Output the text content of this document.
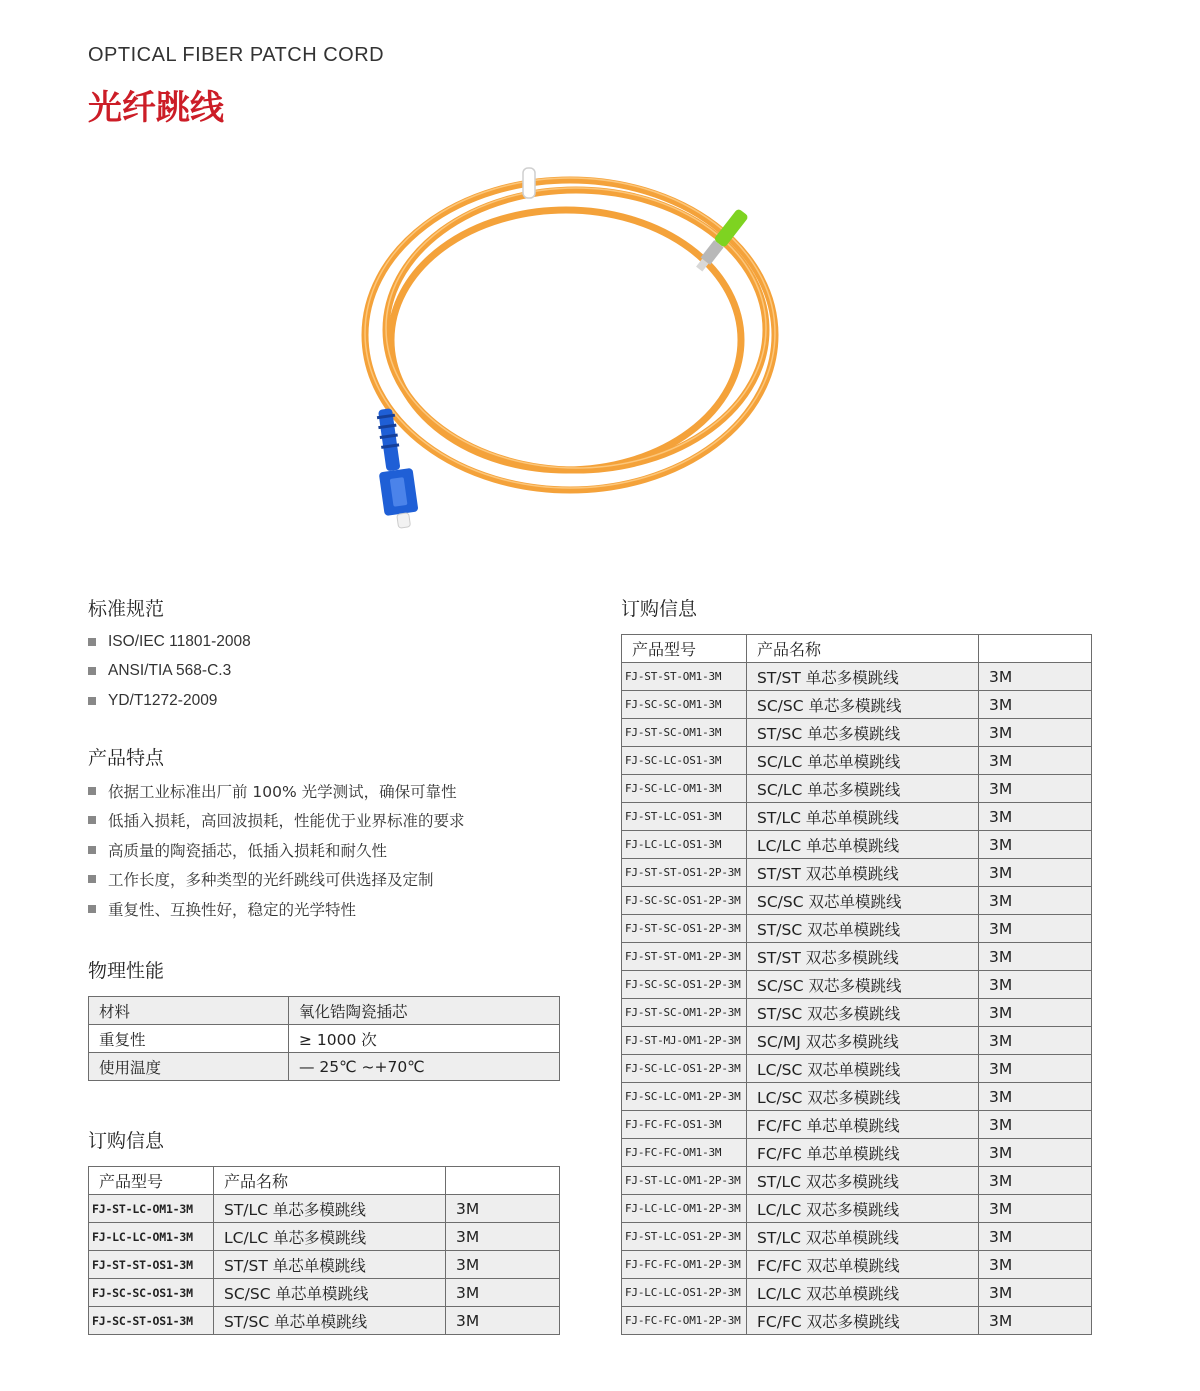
OPTICAL FIBER PATCH CORD
光纤跳线
标准规范
ISO/IEC 11801-2008
ANSI/TIA 568-C.3
YD/T1272-2009
产品特点
依据工业标准出厂前 100% 光学测试，确保可靠性
低插入损耗，高回波损耗，性能优于业界标准的要求
高质量的陶瓷插芯，低插入损耗和耐久性
工作长度，多种类型的光纤跳线可供选择及定制
重复性、互换性好，稳定的光学特性
物理性能
材料	氧化锆陶瓷插芯
重复性	≥ 1000 次
使用温度	— 25℃ ~+70℃
订购信息
产品型号	产品名称	
FJ-ST-LC-OM1-3M	ST/LC 单芯多模跳线	3M
FJ-LC-LC-OM1-3M	LC/LC 单芯多模跳线	3M
FJ-ST-ST-OS1-3M	ST/ST 单芯单模跳线	3M
FJ-SC-SC-OS1-3M	SC/SC 单芯单模跳线	3M
FJ-SC-ST-OS1-3M	ST/SC 单芯单模跳线	3M
订购信息
产品型号	产品名称	
FJ-ST-ST-OM1-3M	ST/ST 单芯多模跳线	3M
FJ-SC-SC-OM1-3M	SC/SC 单芯多模跳线	3M
FJ-ST-SC-OM1-3M	ST/SC 单芯多模跳线	3M
FJ-SC-LC-OS1-3M	SC/LC 单芯单模跳线	3M
FJ-SC-LC-OM1-3M	SC/LC 单芯多模跳线	3M
FJ-ST-LC-OS1-3M	ST/LC 单芯单模跳线	3M
FJ-LC-LC-OS1-3M	LC/LC 单芯单模跳线	3M
FJ-ST-ST-OS1-2P-3M	ST/ST 双芯单模跳线	3M
FJ-SC-SC-OS1-2P-3M	SC/SC 双芯单模跳线	3M
FJ-ST-SC-OS1-2P-3M	ST/SC 双芯单模跳线	3M
FJ-ST-ST-OM1-2P-3M	ST/ST 双芯多模跳线	3M
FJ-SC-SC-OS1-2P-3M	SC/SC 双芯多模跳线	3M
FJ-ST-SC-OM1-2P-3M	ST/SC 双芯多模跳线	3M
FJ-ST-MJ-OM1-2P-3M	SC/MJ 双芯多模跳线	3M
FJ-SC-LC-OS1-2P-3M	LC/SC 双芯单模跳线	3M
FJ-SC-LC-OM1-2P-3M	LC/SC 双芯多模跳线	3M
FJ-FC-FC-OS1-3M	FC/FC 单芯单模跳线	3M
FJ-FC-FC-OM1-3M	FC/FC 单芯单模跳线	3M
FJ-ST-LC-OM1-2P-3M	ST/LC 双芯多模跳线	3M
FJ-LC-LC-OM1-2P-3M	LC/LC 双芯多模跳线	3M
FJ-ST-LC-OS1-2P-3M	ST/LC 双芯单模跳线	3M
FJ-FC-FC-OM1-2P-3M	FC/FC 双芯单模跳线	3M
FJ-LC-LC-OS1-2P-3M	LC/LC 双芯单模跳线	3M
FJ-FC-FC-OM1-2P-3M	FC/FC 双芯多模跳线	3M
